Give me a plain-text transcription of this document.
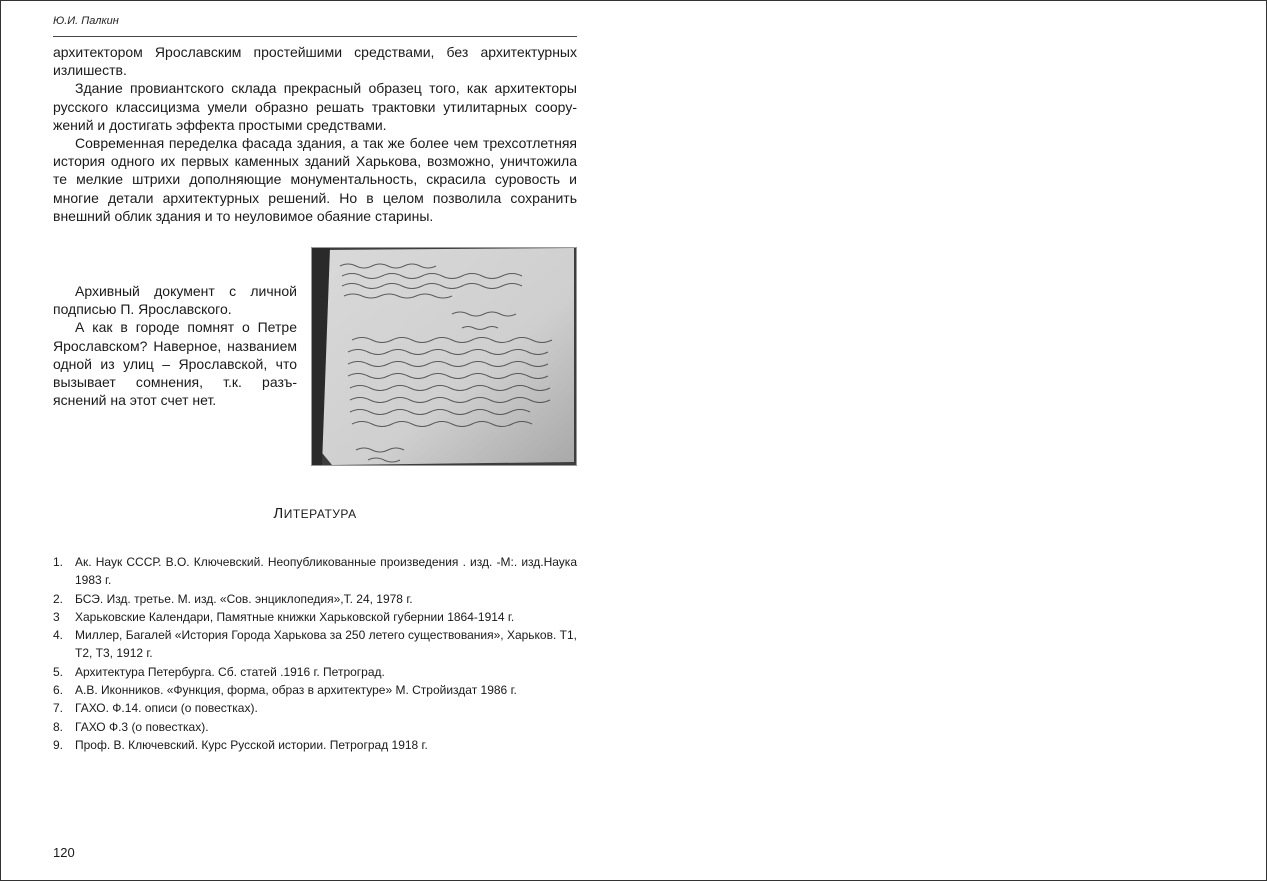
Ю.И. Палкин

архитектором Ярославским простейшими средствами, без архитектурных излишеств.

Здание провиантского склада прекрасный образец того, как архитекторы русского классицизма умели образно решать трактовки утилитарных сооружений и достигать эффекта простыми средствами.

Современная переделка фасада здания, а так же более чем трехсотлетняя история одного их первых каменных зданий Харькова, возможно, уничтожила те мелкие штрихи дополняющие монументальность, скрасила суровость и многие детали архитектурных решений. Но в целом позволила сохранить внешний облик здания и то неуловимое обаяние старины.

Архивный документ с личной подписью П. Ярославского.

А как в городе помнят о Петре Ярославском? Наверное, названием одной из улиц – Ярославской, что вызывает сомнения, т.к. разъяснений на этот счет нет.

ЛИТЕРАТУРА
1. Ак. Наук СССР. В.О. Ключевский. Неопубликованные произведения . изд. -М:. изд.Наука 1983 г.
2. БСЭ. Изд. третье. М. изд. «Сов. энциклопедия»,Т. 24, 1978 г.
3	Харьковские Календари, Памятные книжки Харьковской губернии 1864-1914 г.
4. Миллер, Багалей «История Города Харькова за 250 летего существования», Харьков. Т1, Т2, Т3, 1912 г.
5. Архитектура Петербурга. Сб. статей .1916 г. Петроград.
6. А.В. Иконников. «Функция, форма, образ в архитектуре» М. Стройиздат 1986 г.
7. ГАХО. Ф.14. описи (о повестках).
8. ГАХО Ф.3 (о повестках).
9. Проф. В. Ключевский. Курс Русской истории. Петроград 1918 г.
120
